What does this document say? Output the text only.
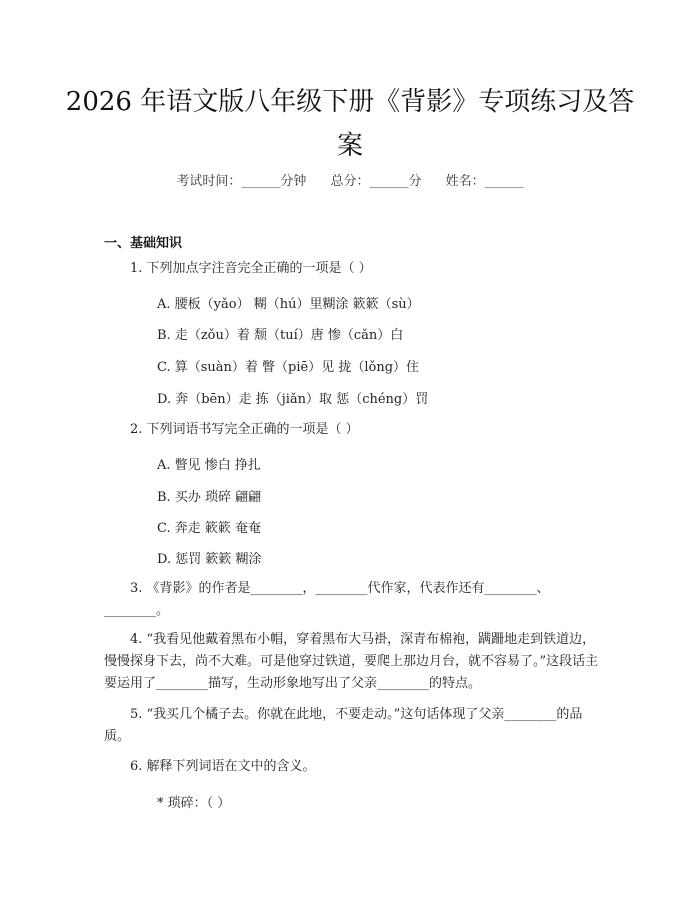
2026 年语文版八年级下册《背影》专项练习及答案
考试时间：______分钟 总分：______分 姓名：______
一、基础知识
1. 下列加点字注音完全正确的一项是（ ）
A. 腰板（yǎo） 糊（hú）里糊涂 簌簌（sù）
B. 走（zǒu）着 颓（tuí）唐 惨（cǎn）白
C. 算（suàn）着 瞥（piē）见 拢（lǒng）住
D. 奔（bēn）走 拣（jiǎn）取 惩（chéng）罚
2. 下列词语书写完全正确的一项是（ ）
A. 瞥见 惨白 挣扎
B. 买办 琐碎 翩翩
C. 奔走 簌簌 奄奄
D. 惩罚 簌簌 糊涂
3. 《背影》的作者是________，________代作家，代表作还有________、________。
4. “我看见他戴着黑布小帽，穿着黑布大马褂，深青布棉袍，蹒跚地走到铁道边，慢慢探身下去，尚不大难。可是他穿过铁道，要爬上那边月台，就不容易了。”这段话主要运用了________描写，生动形象地写出了父亲________的特点。
5. “我买几个橘子去。你就在此地，不要走动。”这句话体现了父亲________的品质。
6. 解释下列词语在文中的含义。
* 琐碎：（ ）
